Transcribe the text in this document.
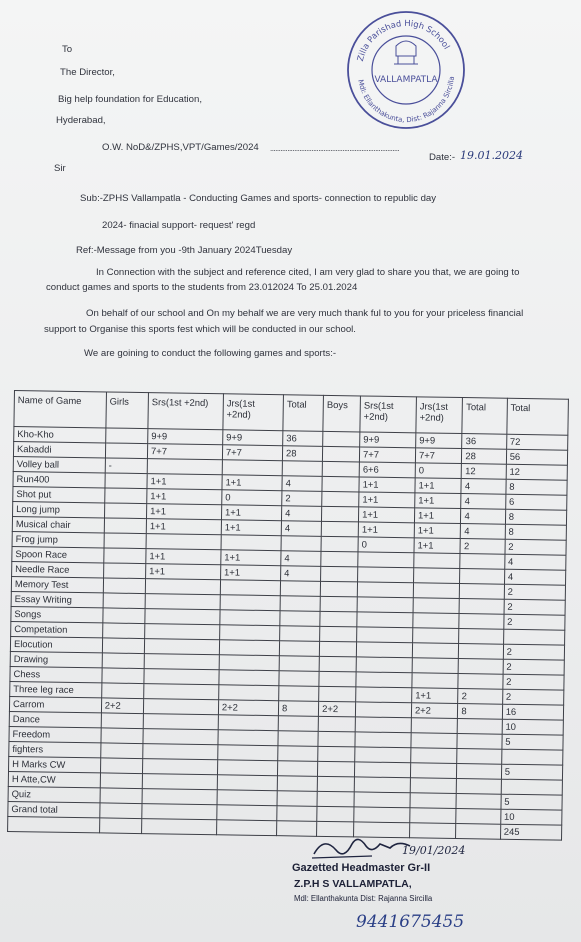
To
The Director,
Big help foundation for Education,
Hyderabad,
O.W. NoD&/ZPHS,VPT/Games/2024 ...........................................................................
Date:- 19.01.2024
Sir
Sub:-ZPHS Vallampatla - Conducting Games and sports- connection to republic day
2024- finacial support- request' regd
Ref:-Message from you -9th January 2024Tuesday
In Connection with the subject and reference cited, I am very glad to share you that, we are going to
conduct games and sports to the students from 23.012024 To 25.01.2024
On behalf of our school and On my behalf we are very much thank ful to you for your priceless financial
support to Organise this sports fest which will be conducted in our school.
We are goining to conduct the following games and sports:-
Zilla Parishad High School
Mdl: Ellanthakunta, Dist: Rajanna Sircilla
VALLAMPATLA
Name of Game	Girls	Srs(1st +2nd)	Jrs(1st +2nd)	Total	Boys	Srs(1st +2nd)	Jrs(1st +2nd)	Total	Total
Kho-Kho		9+9	9+9	36		9+9	9+9	36	72
Kabaddi		7+7	7+7	28		7+7	7+7	28	56
Volley ball	-					6+6	0	12	12
Run400		1+1	1+1	4		1+1	1+1	4	8
Shot put		1+1	0	2		1+1	1+1	4	6
Long jump		1+1	1+1	4		1+1	1+1	4	8
Musical chair		1+1	1+1	4		1+1	1+1	4	8
Frog jump						0	1+1	2	2
Spoon Race		1+1	1+1	4					4
Needle Race		1+1	1+1	4					4
Memory Test									2
Essay Writing									2
Songs									2
Competation									
Elocution									2
Drawing									2
Chess									2
Three leg race							1+1	2	2
Carrom	2+2		2+2	8	2+2		2+2	8	16
Dance									10
Freedom									5
fighters									
H Marks CW									5
H Atte,CW									
Quiz									5
Grand total									10
									245
19/01/2024
Gazetted Headmaster Gr-II
Z.P.H S VALLAMPATLA,
Mdl: Ellanthakunta Dist: Rajanna Sircilla
9441675455
